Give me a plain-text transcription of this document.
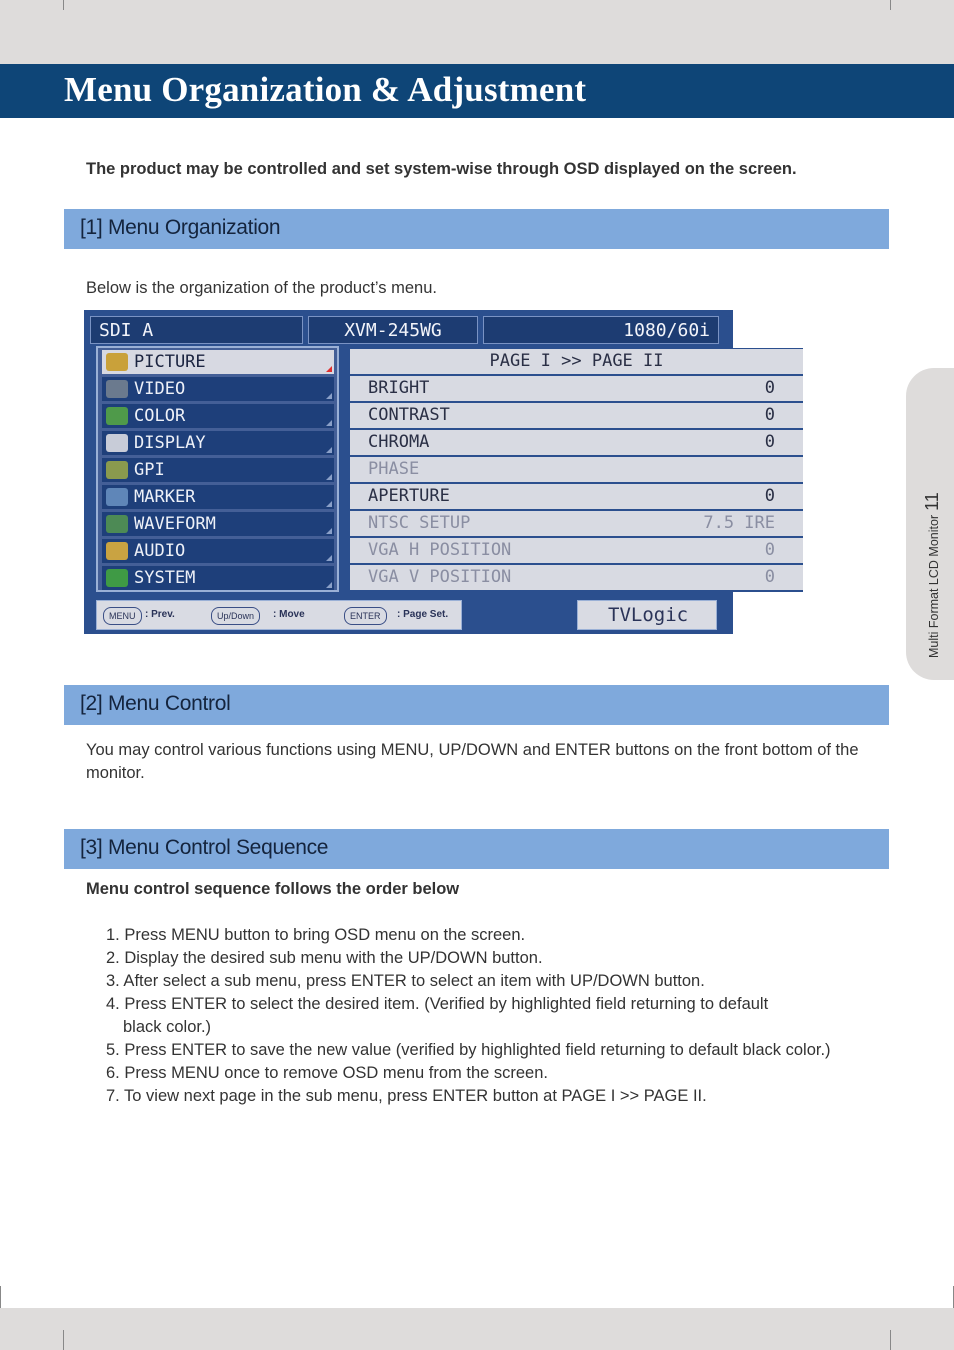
Menu Organization & Adjustment
Multi Format LCD Monitor11
The product may be controlled and set system-wise through OSD displayed on the screen.
[1] Menu Organization
Below is the organization of the product’s menu.
SDI A	XVM-245WG	1080/60i
PICTURE
VIDEO
COLOR
DISPLAY
GPI
MARKER
WAVEFORM
AUDIO
SYSTEM
PAGE I >> PAGE II
BRIGHT	0
CONTRAST	0
CHROMA	0
PHASE
APERTURE	0
NTSC SETUP	7.5 IRE
VGA H POSITION	0
VGA V POSITION	0
MENU : Prev.	Up/Down	: Move	ENTER	: Page Set.	TVLogic
[2] Menu Control
You may control various functions using MENU, UP/DOWN and ENTER buttons on the front bottom of the monitor.
[3] Menu Control Sequence
Menu control sequence follows the order below
1. Press MENU button to bring OSD menu on the screen.
2. Display the desired sub menu with the UP/DOWN button.
3. After select a sub menu, press ENTER to select an item with UP/DOWN button.
4. Press ENTER to select the desired item. (Verified by highlighted field returning to default black color.)
5. Press ENTER to save the new value (verified by highlighted field returning to default black color.)
6. Press MENU once to remove OSD menu from the screen.
7. To view next page in the sub menu, press ENTER button at PAGE I >> PAGE II.
